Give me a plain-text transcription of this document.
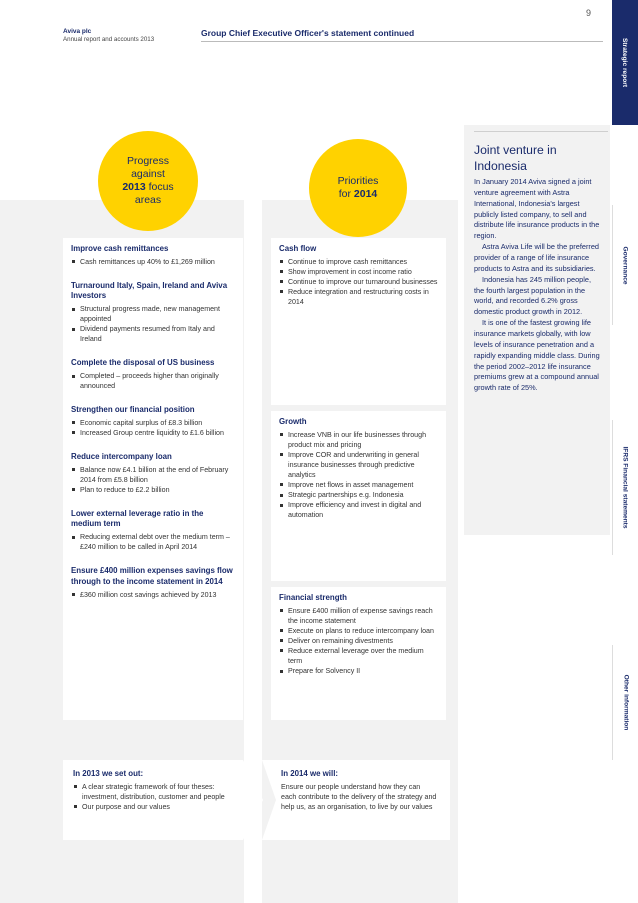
9
Aviva plc
Annual report and accounts 2013
Group Chief Executive Officer's statement continued
Strategic report
Governance
IFRS Financial statements
Other information
Progress
against
2013 focus
areas
Priorities
for 2014
Improve cash remittances
Cash remittances up 40% to £1,269 million
Turnaround Italy, Spain, Ireland and Aviva Investors
Structural progress made, new management appointed
Dividend payments resumed from Italy and Ireland
Complete the disposal of US business
Completed – proceeds higher than originally announced
Strengthen our financial position
Economic capital surplus of £8.3 billion
Increased Group centre liquidity to £1.6 billion
Reduce intercompany loan
Balance now £4.1 billion at the end of February 2014 from £5.8 billion
Plan to reduce to £2.2 billion
Lower external leverage ratio in the medium term
Reducing external debt over the medium term – £240 million to be called in April 2014
Ensure £400 million expenses savings flow through to the income statement in 2014
£360 million cost savings achieved by 2013
Cash flow
Continue to improve cash remittances
Show improvement in cost income ratio
Continue to improve our turnaround businesses
Reduce integration and restructuring costs in 2014
Growth
Increase VNB in our life businesses through product mix and pricing
Improve COR and underwriting in general insurance businesses through predictive analytics
Improve net flows in asset management
Strategic partnerships e.g. Indonesia
Improve efficiency and invest in digital and automation
Financial strength
Ensure £400 million of expense savings reach the income statement
Execute on plans to reduce intercompany loan
Deliver on remaining divestments
Reduce external leverage over the medium term
Prepare for Solvency II
In 2013 we set out:
A clear strategic framework of four theses: investment, distribution, customer and people
Our purpose and our values
In 2014 we will:

Ensure our people understand how they can each contribute to the delivery of the strategy and help us, as an organisation, to live by our values

Joint venture in Indonesia

In January 2014 Aviva signed a joint venture agreement with Astra International, Indonesia's largest publicly listed company, to sell and distribute life insurance products in the region.

Astra Aviva Life will be the preferred provider of a range of life insurance products to Astra and its subsidiaries.

Indonesia has 245 million people, the fourth largest population in the world, and recorded 6.2% gross domestic product growth in 2012.

It is one of the fastest growing life insurance markets globally, with low levels of insurance penetration and a rapidly expanding middle class. During the period 2002–2012 life insurance premiums grew at a compound annual growth rate of 25%.
